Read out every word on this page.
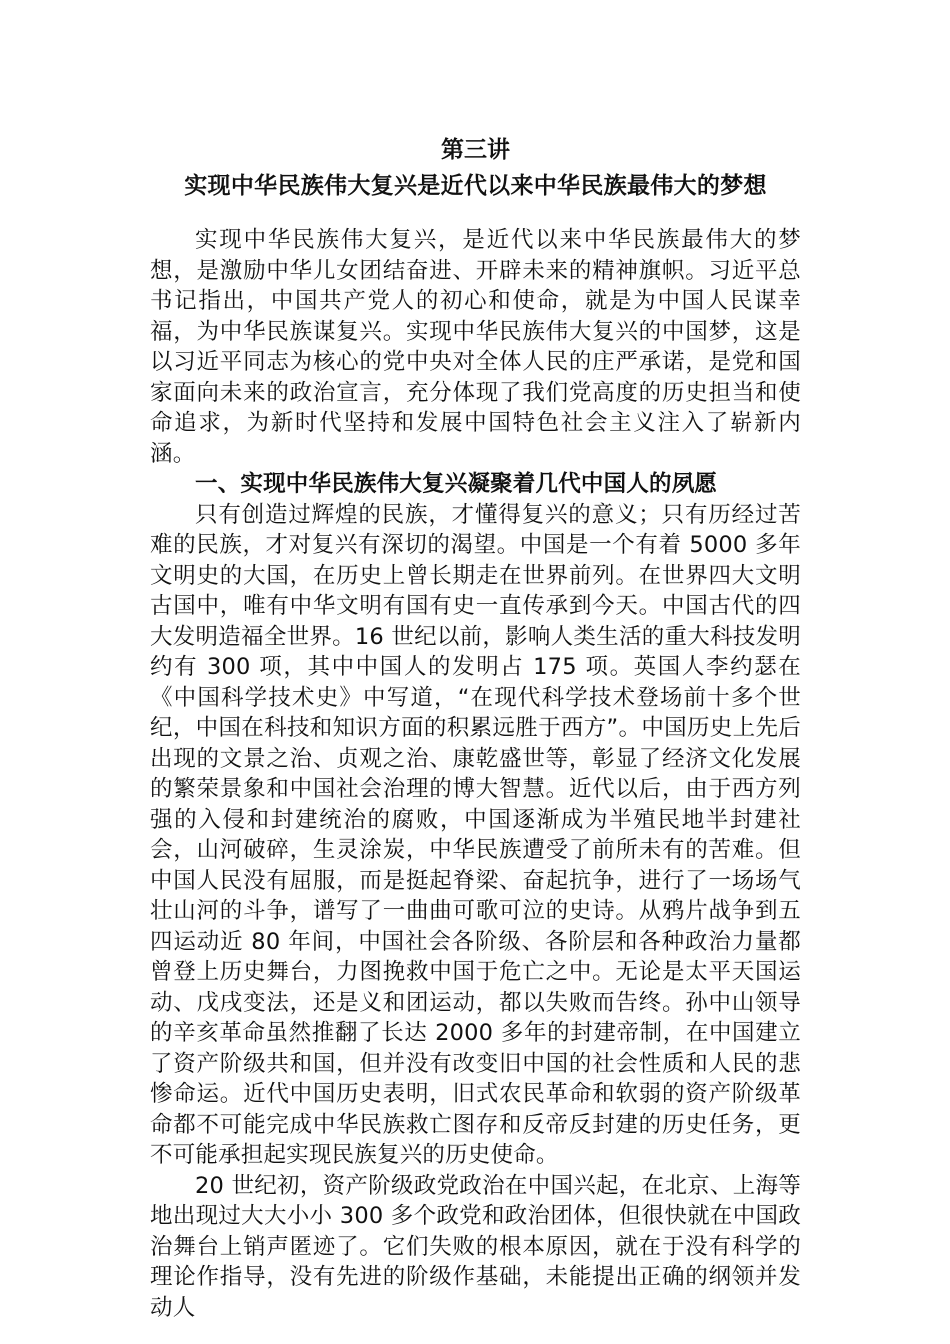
第三讲
实现中华民族伟大复兴是近代以来中华民族最伟大的梦想

实现中华民族伟大复兴，是近代以来中华民族最伟大的梦想，是激励中华儿女团结奋进、开辟未来的精神旗帜。习近平总书记指出，中国共产党人的初心和使命，就是为中国人民谋幸福，为中华民族谋复兴。实现中华民族伟大复兴的中国梦，这是以习近平同志为核心的党中央对全体人民的庄严承诺，是党和国家面向未来的政治宣言，充分体现了我们党高度的历史担当和使命追求，为新时代坚持和发展中国特色社会主义注入了崭新内涵。

一、实现中华民族伟大复兴凝聚着几代中国人的夙愿

只有创造过辉煌的民族，才懂得复兴的意义；只有历经过苦难的民族，才对复兴有深切的渴望。中国是一个有着 5000 多年文明史的大国，在历史上曾长期走在世界前列。在世界四大文明古国中，唯有中华文明有国有史一直传承到今天。中国古代的四大发明造福全世界。16 世纪以前，影响人类生活的重大科技发明约有 300 项，其中中国人的发明占 175 项。英国人李约瑟在《中国科学技术史》中写道，“在现代科学技术登场前十多个世纪，中国在科技和知识方面的积累远胜于西方”。中国历史上先后出现的文景之治、贞观之治、康乾盛世等，彰显了经济文化发展的繁荣景象和中国社会治理的博大智慧。近代以后，由于西方列强的入侵和封建统治的腐败，中国逐渐成为半殖民地半封建社会，山河破碎，生灵涂炭，中华民族遭受了前所未有的苦难。但中国人民没有屈服，而是挺起脊梁、奋起抗争，进行了一场场气壮山河的斗争，谱写了一曲曲可歌可泣的史诗。从鸦片战争到五四运动近 80 年间，中国社会各阶级、各阶层和各种政治力量都曾登上历史舞台，力图挽救中国于危亡之中。无论是太平天国运动、戊戌变法，还是义和团运动，都以失败而告终。孙中山领导的辛亥革命虽然推翻了长达 2000 多年的封建帝制，在中国建立了资产阶级共和国，但并没有改变旧中国的社会性质和人民的悲惨命运。近代中国历史表明，旧式农民革命和软弱的资产阶级革命都不可能完成中华民族救亡图存和反帝反封建的历史任务，更不可能承担起实现民族复兴的历史使命。

20 世纪初，资产阶级政党政治在中国兴起，在北京、上海等地出现过大大小小 300 多个政党和政治团体，但很快就在中国政治舞台上销声匿迹了。它们失败的根本原因，就在于没有科学的理论作指导，没有先进的阶级作基础，未能提出正确的纲领并发动人
